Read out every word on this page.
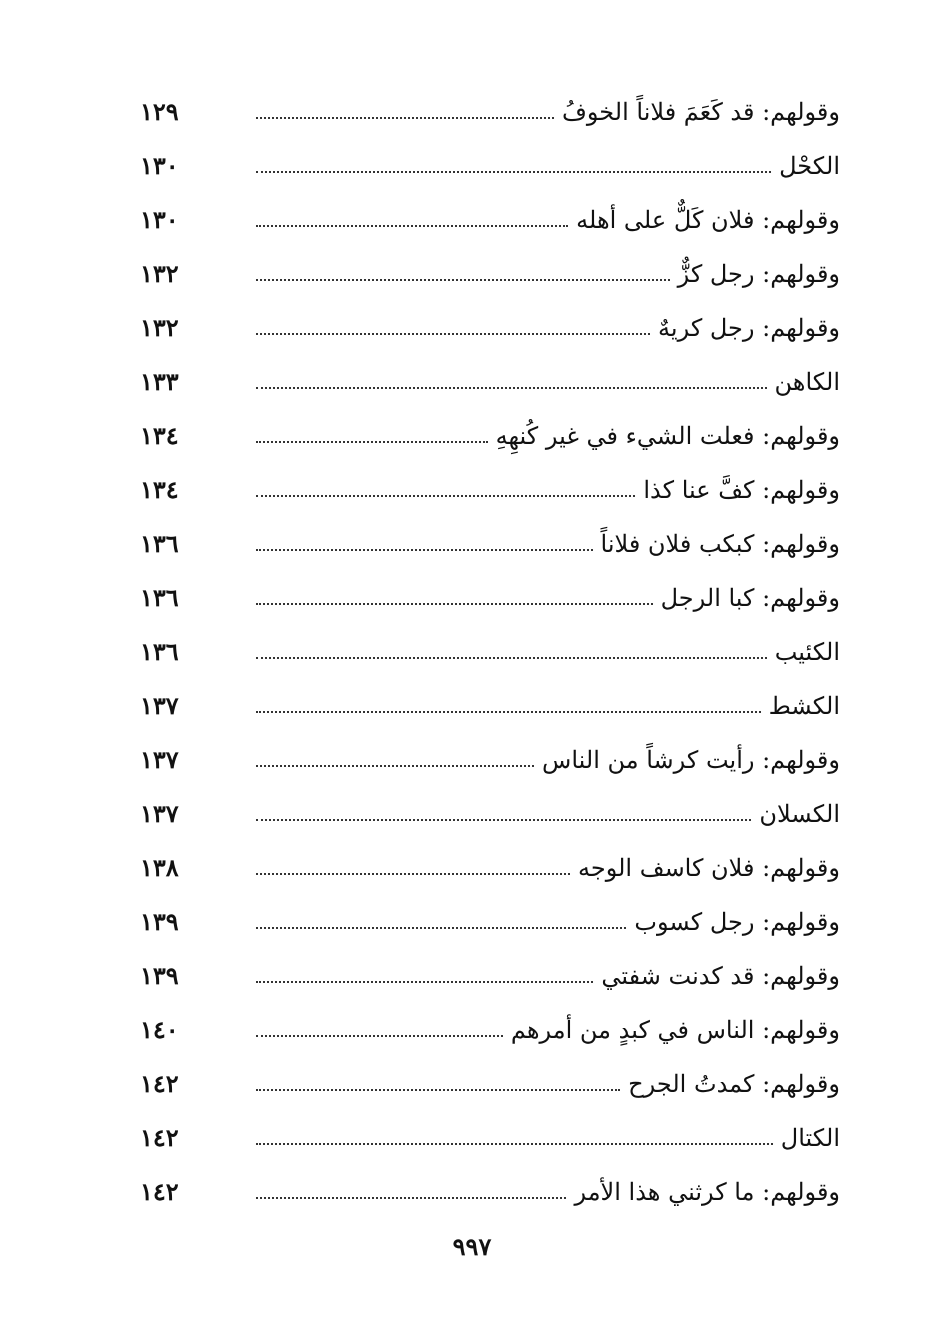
وقولهم: قد كَعَمَ فلاناً الخوفُ
١٢٩
الكحْل
١٣٠
وقولهم: فلان كَلٌّ على أهله
١٣٠
وقولهم: رجل كزٌّ
١٣٢
وقولهم: رجل كريهٌ
١٣٢
الكاهن
١٣٣
وقولهم: فعلت الشيء في غير كُنهِهِ
١٣٤
وقولهم: كفَّ عنا كذا
١٣٤
وقولهم: كبكب فلان فلاناً
١٣٦
وقولهم: كبا الرجل
١٣٦
الكئيب
١٣٦
الكشط
١٣٧
وقولهم: رأيت كرشاً من الناس
١٣٧
الكسلان
١٣٧
وقولهم: فلان كاسف الوجه
١٣٨
وقولهم: رجل كسوب
١٣٩
وقولهم: قد كدنت شفتي
١٣٩
وقولهم: الناس في كبدٍ من أمرهم
١٤٠
وقولهم: كمدتُ الجرح
١٤٢
الكتال
١٤٢
وقولهم: ما كرثني هذا الأمر
١٤٢
٩٩٧
